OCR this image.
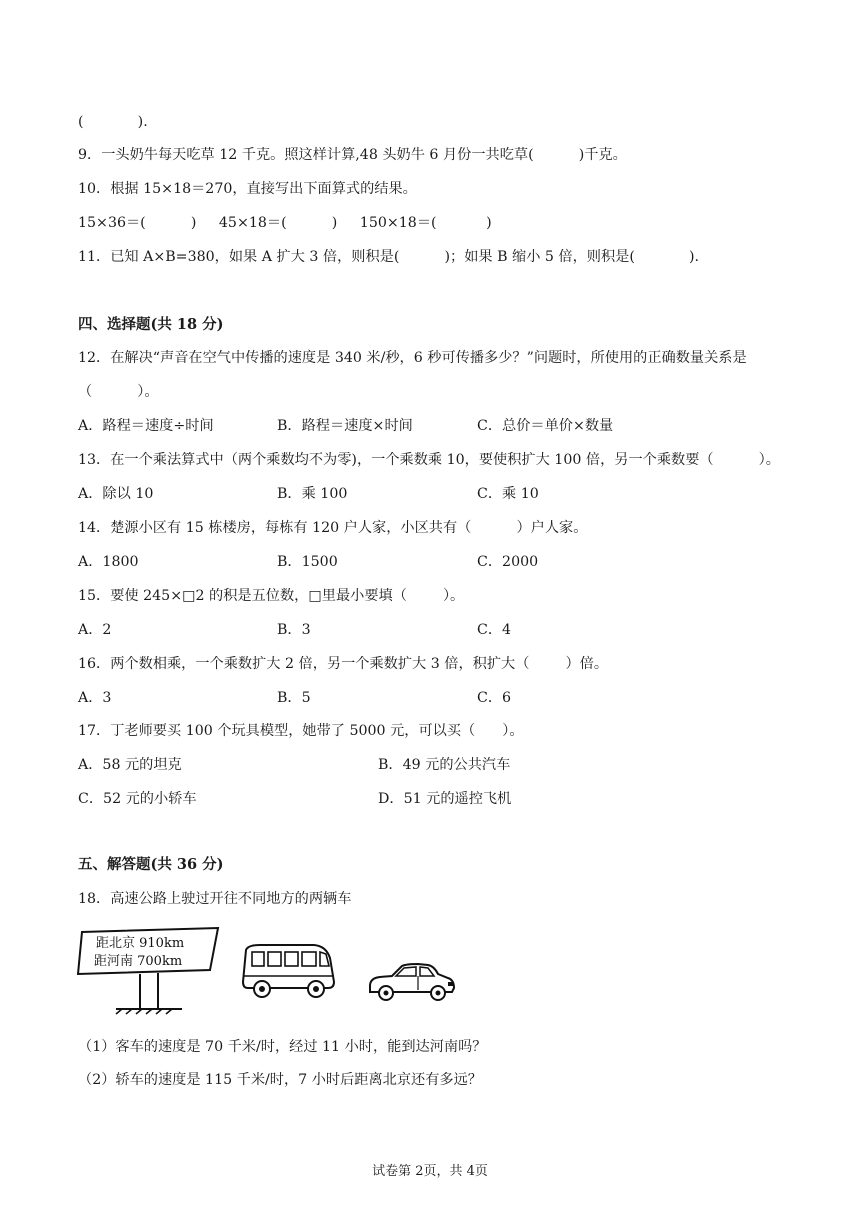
(            ).
9．一头奶牛每天吃草 12 千克。照这样计算,48 头奶牛 6 月份一共吃草(          )千克。
10．根据 15×18＝270，直接写出下面算式的结果。
15×36＝(          )     45×18＝(          )     150×18＝(           )
11．已知 A×B=380，如果 A 扩大 3 倍，则积是(          )；如果 B 缩小 5 倍，则积是(            ).
四、选择题(共 18 分)
12．在解决“声音在空气中传播的速度是 340 米/秒，6 秒可传播多少？”问题时，所使用的正确数量关系是
（          ）。
A．路程＝速度÷时间	B．路程＝速度×时间	C．总价＝单价×数量
13．在一个乘法算式中（两个乘数均不为零)，一个乘数乘 10，要使积扩大 100 倍，另一个乘数要（          ）。
A．除以 10	B．乘 100	C．乘 10
14．楚源小区有 15 栋楼房，每栋有 120 户人家，小区共有（          ）户人家。
A．1800	B．1500	C．2000
15．要使 245×□2 的积是五位数，□里最小要填（        ）。
A．2	B．3	C．4
16．两个数相乘，一个乘数扩大 2 倍，另一个乘数扩大 3 倍，积扩大（        ）倍。
A．3	B．5	C．6
17．丁老师要买 100 个玩具模型，她带了 5000 元，可以买（      ）。
A．58 元的坦克	B．49 元的公共汽车
C．52 元的小轿车	D．51 元的遥控飞机
五、解答题(共 36 分)
18．高速公路上驶过开往不同地方的两辆车
距北京 910km
距河南 700km
（1）客车的速度是 70 千米/时，经过 11 小时，能到达河南吗？
（2）轿车的速度是 115 千米/时，7 小时后距离北京还有多远？
试卷第 2页，共 4页
